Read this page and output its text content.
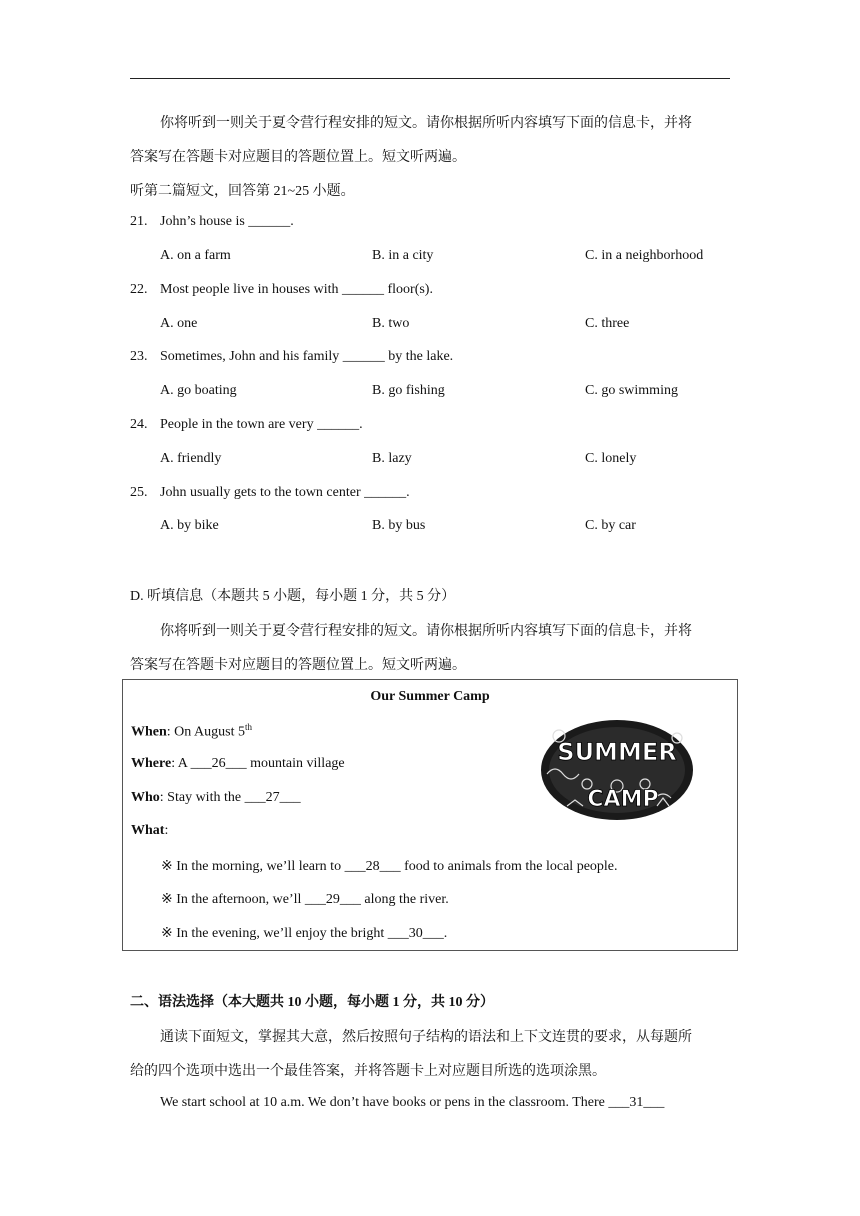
你将听到一则关于夏令营行程安排的短文。请你根据所听内容填写下面的信息卡，并将
答案写在答题卡对应题目的答题位置上。短文听两遍。
听第二篇短文，回答第 21~25 小题。
21. John’s house is ______.
A. on a farm	B. in a city	C. in a neighborhood
22. Most people live in houses with ______ floor(s).
A. one	B. two	C. three
23. Sometimes, John and his family ______ by the lake.
A. go boating	B. go fishing	C. go swimming
24. People in the town are very ______.
A. friendly	B. lazy	C. lonely
25. John usually gets to the town center ______.
A. by bike	B. by bus	C. by car
D. 听填信息（本题共 5 小题，每小题 1 分，共 5 分）
你将听到一则关于夏令营行程安排的短文。请你根据所听内容填写下面的信息卡，并将
答案写在答题卡对应题目的答题位置上。短文听两遍。
Our Summer Camp
When: On August 5th
Where: A ___26___ mountain village
Who: Stay with the ___27___
What:
※ In the morning, we’ll learn to ___28___ food to animals from the local people.
※ In the afternoon, we’ll ___29___ along the river.
※ In the evening, we’ll enjoy the bright ___30___.
SUMMER
CAMP
二、语法选择（本大题共 10 小题，每小题 1 分，共 10 分）
通读下面短文，掌握其大意，然后按照句子结构的语法和上下文连贯的要求，从每题所
给的四个选项中选出一个最佳答案，并将答题卡上对应题目所选的选项涂黑。
We start school at 10 a.m. We don’t have books or pens in the classroom. There ___31___
